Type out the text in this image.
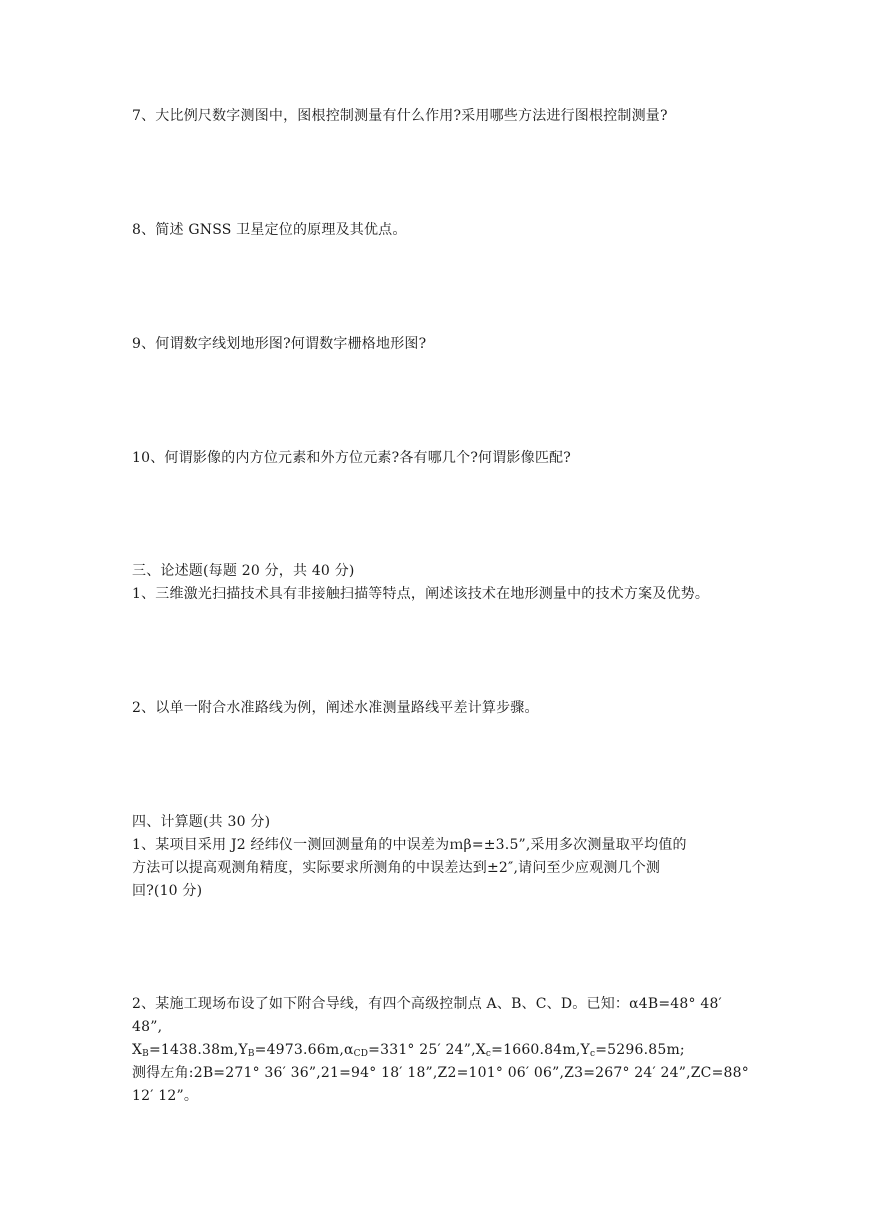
7、大比例尺数字测图中，图根控制测量有什么作用?采用哪些方法进行图根控制测量?
8、简述 GNSS 卫星定位的原理及其优点。
9、何谓数字线划地形图?何谓数字栅格地形图?
10、何谓影像的内方位元素和外方位元素?各有哪几个?何谓影像匹配?
三、论述题(每题 20 分，共 40 分)
1、三维激光扫描技术具有非接触扫描等特点，阐述该技术在地形测量中的技术方案及优势。
2、以单一附合水准路线为例，阐述水准测量路线平差计算步骤。
四、计算题(共 30 分)
1、某项目采用 J2 经纬仪一测回测量角的中误差为ｍβ=±3.5”,采用多次测量取平均值的
方法可以提高观测角精度，实际要求所测角的中误差达到±2″,请问至少应观测几个测
回?(10 分)
2、某施工现场布设了如下附合导线，有四个高级控制点 A、B、C、D。已知：α4B=48° 48′
48”,
$X_B=1438.38m,Y_B=4973.66m,\alpha_{CD}=331^\circ$ 25′ $24”,X_c=1660.84m,Y_c=5296.85m$;
测得左角:2B=271° 36′ 36”,21=94° 18′ 18”,Z2=101° 06′ 06”,Z3=267° 24′ 24”,ZC=88°
12′ 12”。
